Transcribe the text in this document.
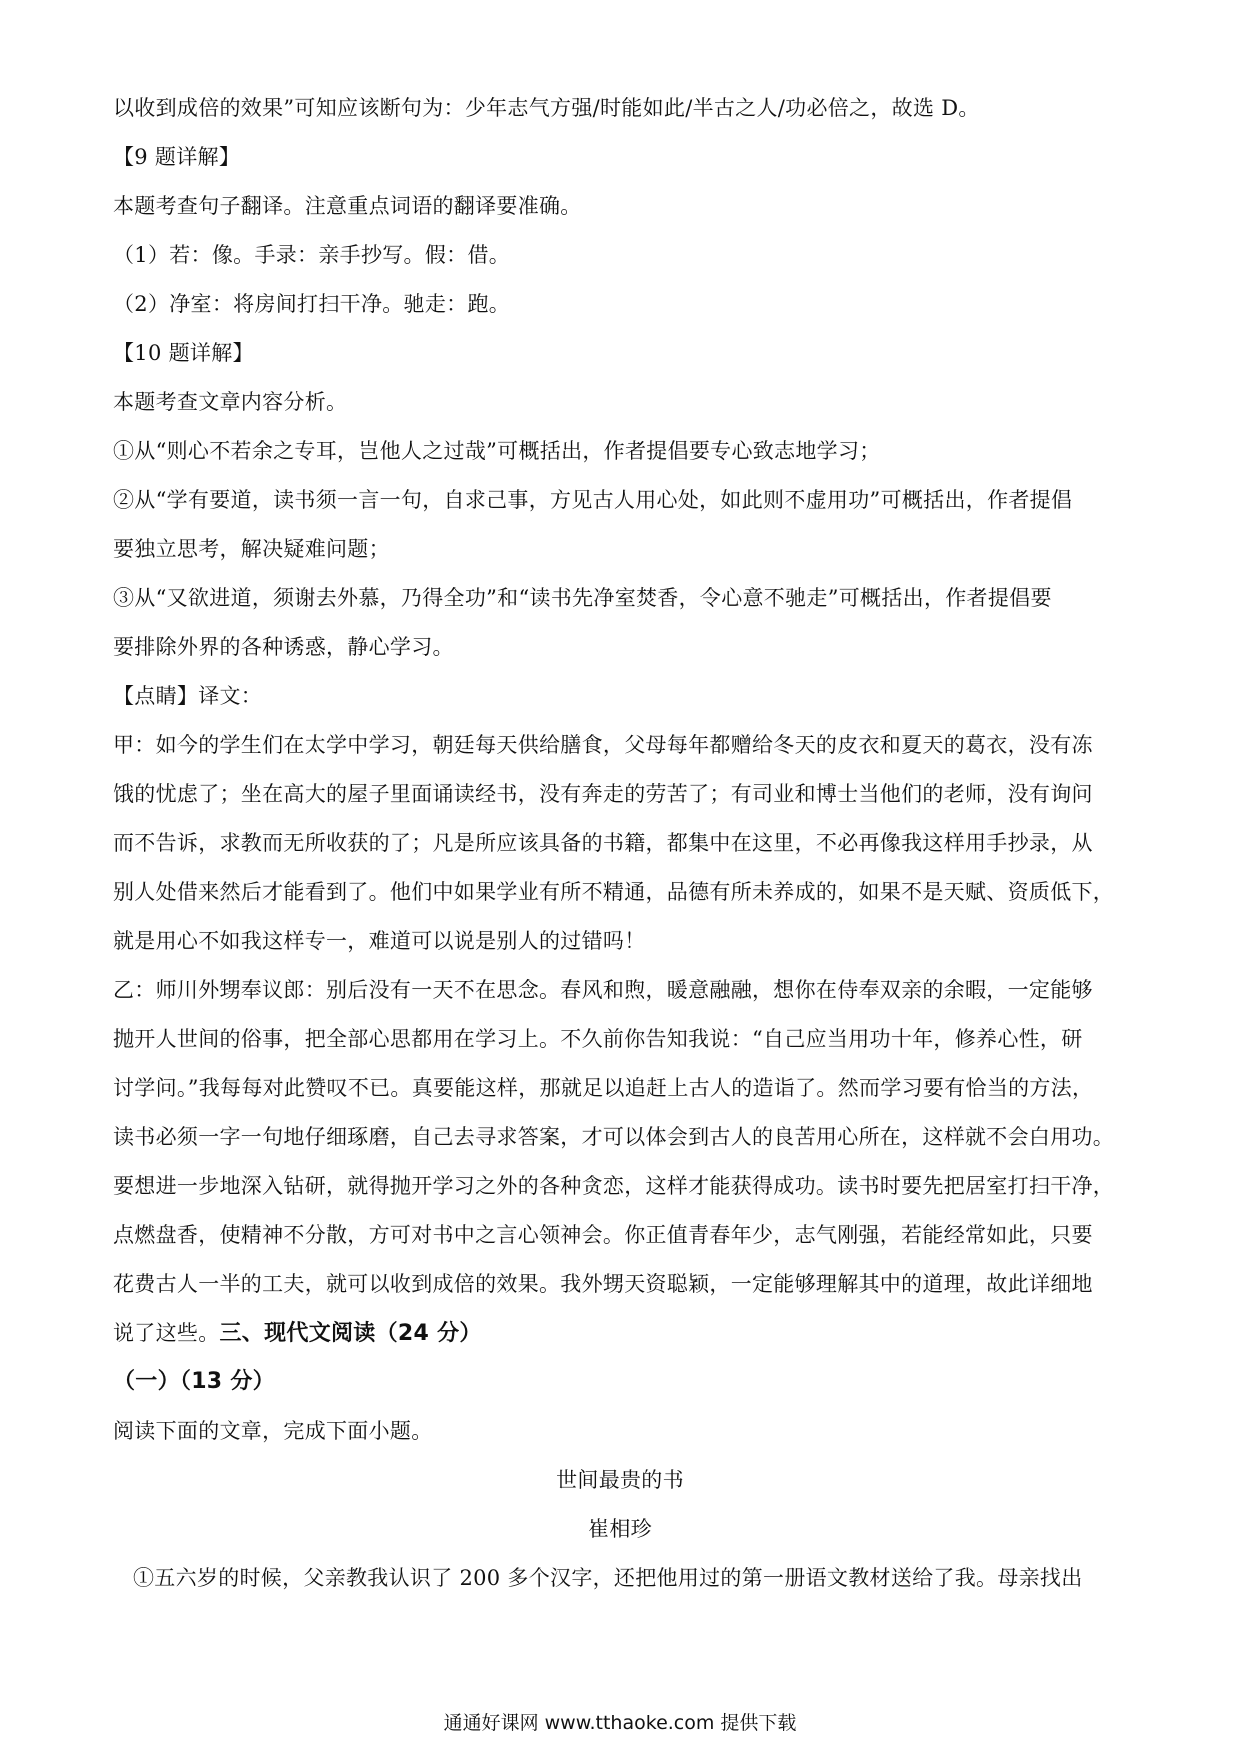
以收到成倍的效果”可知应该断句为：少年志气方强/时能如此/半古之人/功必倍之，故选 D。
【9 题详解】
本题考查句子翻译。注意重点词语的翻译要准确。
（1）若：像。手录：亲手抄写。假：借。
（2）净室：将房间打扫干净。驰走：跑。
【10 题详解】
本题考查文章内容分析。
①从“则心不若余之专耳，岂他人之过哉”可概括出，作者提倡要专心致志地学习；
②从“学有要道，读书须一言一句，自求己事，方见古人用心处，如此则不虚用功”可概括出，作者提倡
要独立思考，解决疑难问题；
③从“又欲进道，须谢去外慕，乃得全功”和“读书先净室焚香，令心意不驰走”可概括出，作者提倡要
要排除外界的各种诱惑，静心学习。
【点睛】译文：
甲：如今的学生们在太学中学习，朝廷每天供给膳食，父母每年都赠给冬天的皮衣和夏天的葛衣，没有冻
饿的忧虑了；坐在高大的屋子里面诵读经书，没有奔走的劳苦了；有司业和博士当他们的老师，没有询问
而不告诉，求教而无所收获的了；凡是所应该具备的书籍，都集中在这里，不必再像我这样用手抄录，从
别人处借来然后才能看到了。他们中如果学业有所不精通，品德有所未养成的，如果不是天赋、资质低下，
就是用心不如我这样专一，难道可以说是别人的过错吗！
乙：师川外甥奉议郎：别后没有一天不在思念。春风和煦，暖意融融，想你在侍奉双亲的余暇，一定能够
抛开人世间的俗事，把全部心思都用在学习上。不久前你告知我说：“自己应当用功十年，修养心性，研
讨学问。”我每每对此赞叹不已。真要能这样，那就足以追赶上古人的造诣了。然而学习要有恰当的方法，
读书必须一字一句地仔细琢磨，自己去寻求答案，才可以体会到古人的良苦用心所在，这样就不会白用功。
要想进一步地深入钻研，就得抛开学习之外的各种贪恋，这样才能获得成功。读书时要先把居室打扫干净，
点燃盘香，使精神不分散，方可对书中之言心领神会。你正值青春年少，志气刚强，若能经常如此，只要
花费古人一半的工夫，就可以收到成倍的效果。我外甥天资聪颖，一定能够理解其中的道理，故此详细地
说了这些。三、现代文阅读（24 分）
（一）（13 分）
阅读下面的文章，完成下面小题。
世间最贵的书
崔相珍
①五六岁的时候，父亲教我认识了 200 多个汉字，还把他用过的第一册语文教材送给了我。母亲找出
通通好课网 www.tthaoke.com 提供下载
